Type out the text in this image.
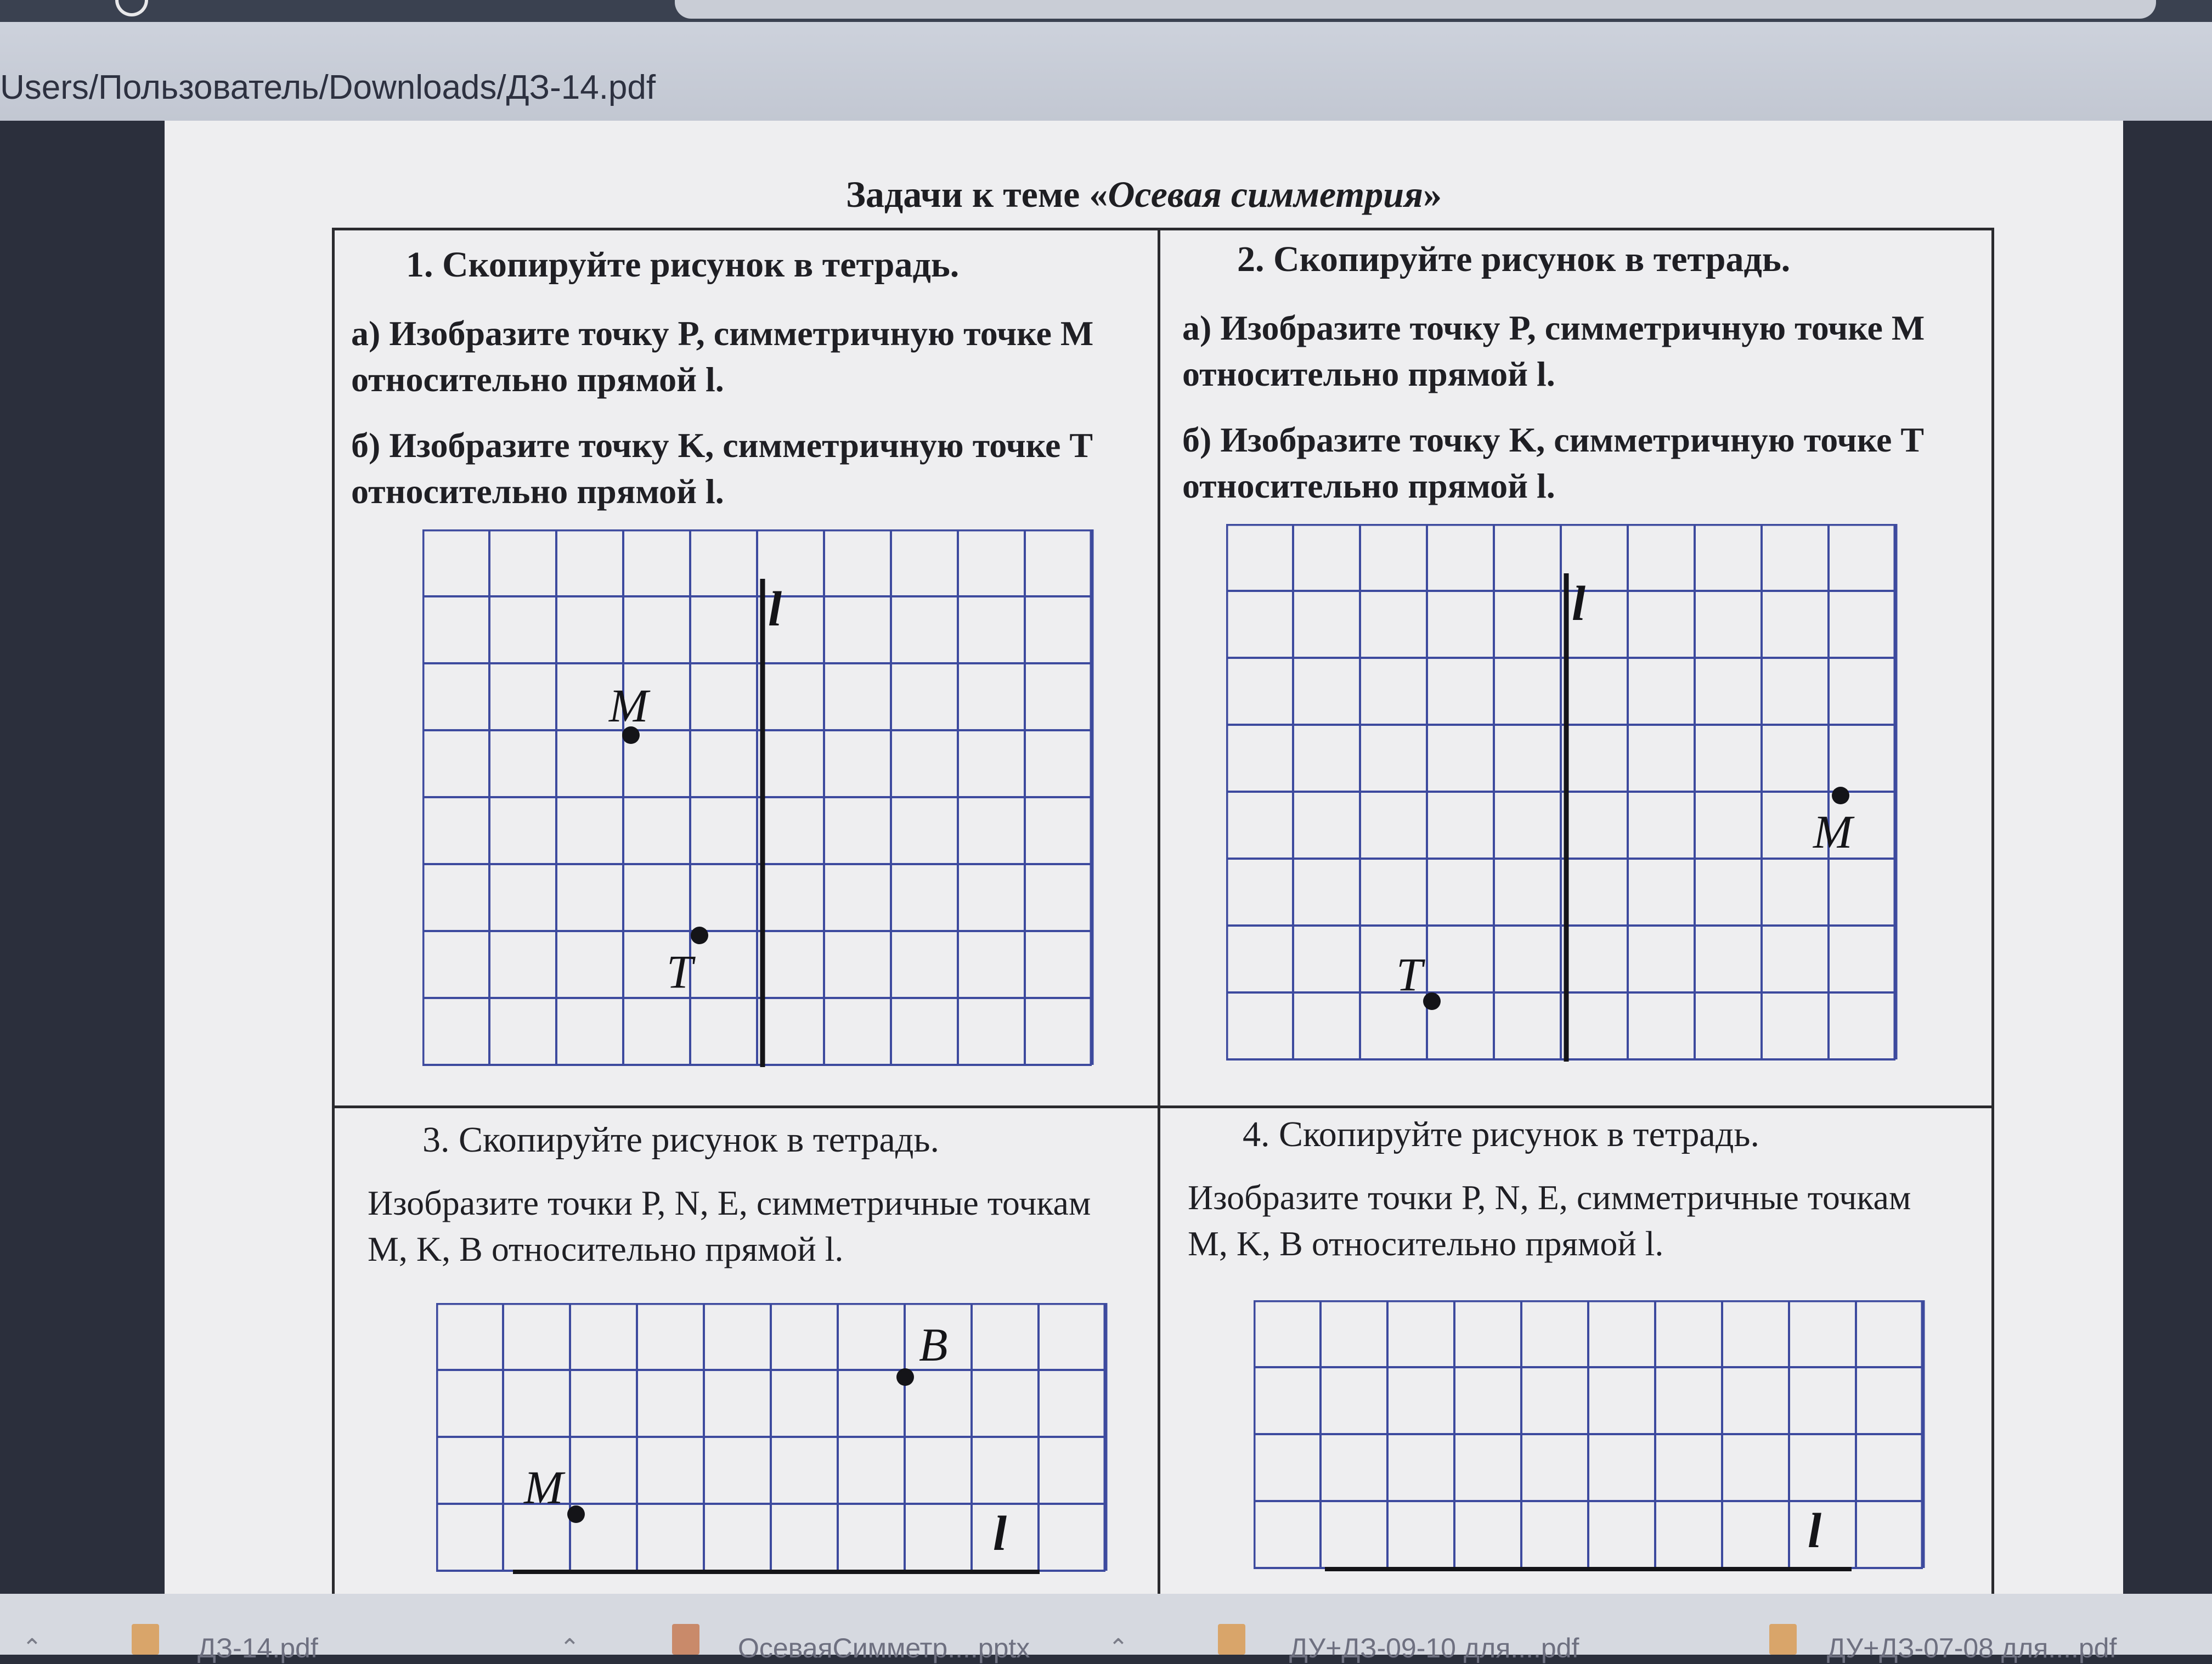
Users/Пользователь/Downloads/ДЗ-14.pdf
Задачи к теме «Осевая симметрия»
1. Скопируйте рисунок в тетрадь.
а) Изобразите точку P, симметричную точке M относительно прямой l.
б) Изобразите точку K, симметричную точке T относительно прямой l.
l
M
T
2. Скопируйте рисунок в тетрадь.
а) Изобразите точку P, симметричную точке M относительно прямой l.
б) Изобразите точку K, симметричную точке T относительно прямой l.
l
M
T
3. Скопируйте рисунок в тетрадь.
Изобразите точки P, N, E, симметричные точкам M, K, B относительно прямой l.
l
B
M
4. Скопируйте рисунок в тетрадь.
Изобразите точки P, N, E, симметричные точкам M, K, B относительно прямой l.
l
⌃	ДЗ-14.pdf	⌃	ОсеваяСимметр....pptx	⌃	ДУ+ДЗ-09-10 для....pdf	ДУ+ДЗ-07-08 для....pdf
